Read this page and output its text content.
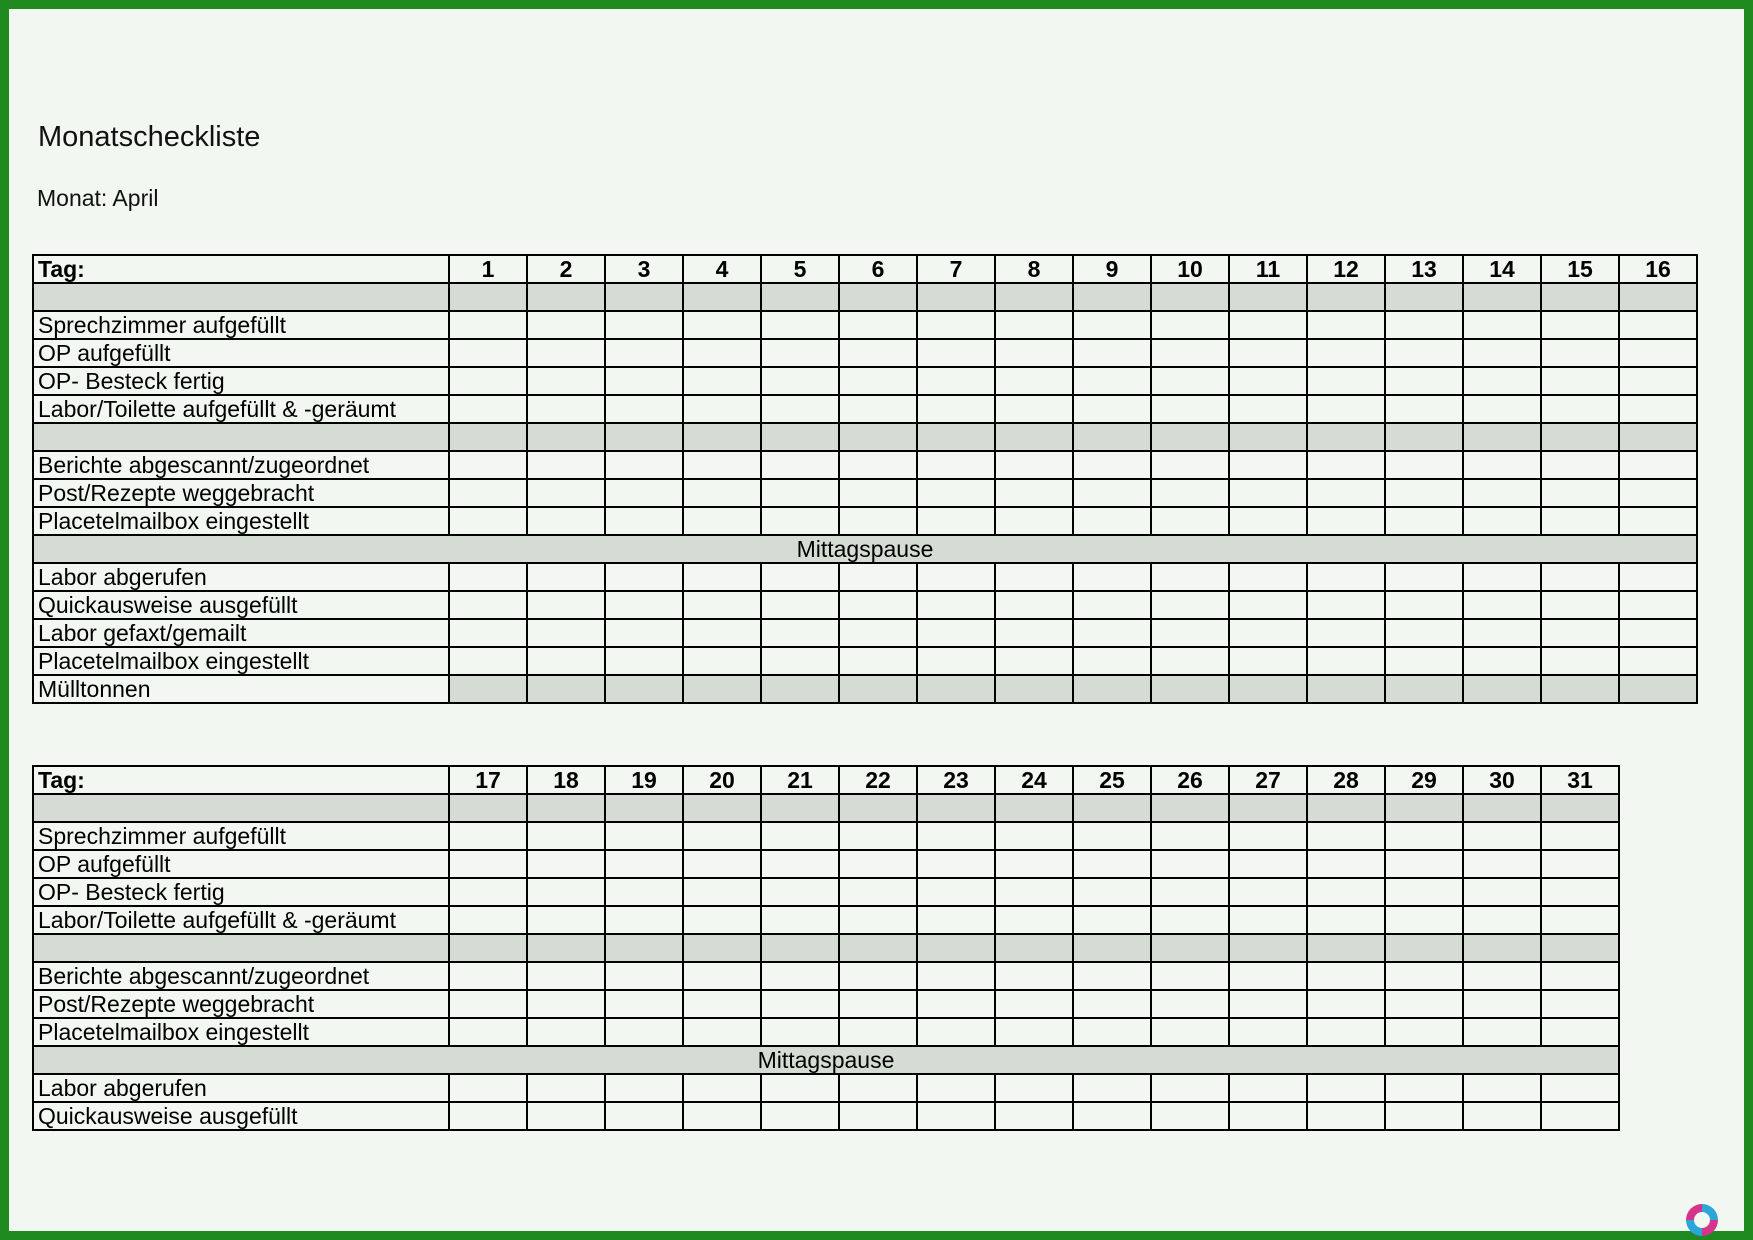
Monatscheckliste
Monat: April
Tag:	1	2	3	4	5	6	7	8	9	10	11	12	13	14	15	16

Sprechzimmer aufgefüllt																
OP aufgefüllt																
OP- Besteck fertig																
Labor/Toilette aufgefüllt & -geräumt																

Berichte abgescannt/zugeordnet																
Post/Rezepte weggebracht																
Placetelmailbox eingestellt																
Mittagspause																
Labor abgerufen																
Quickausweise ausgefüllt																
Labor gefaxt/gemailt																
Placetelmailbox eingestellt																
Mülltonnen																
Tag:	17	18	19	20	21	22	23	24	25	26	27	28	29	30	31

Sprechzimmer aufgefüllt															
OP aufgefüllt															
OP- Besteck fertig															
Labor/Toilette aufgefüllt & -geräumt															

Berichte abgescannt/zugeordnet															
Post/Rezepte weggebracht															
Placetelmailbox eingestellt															
Mittagspause															
Labor abgerufen															
Quickausweise ausgefüllt															
